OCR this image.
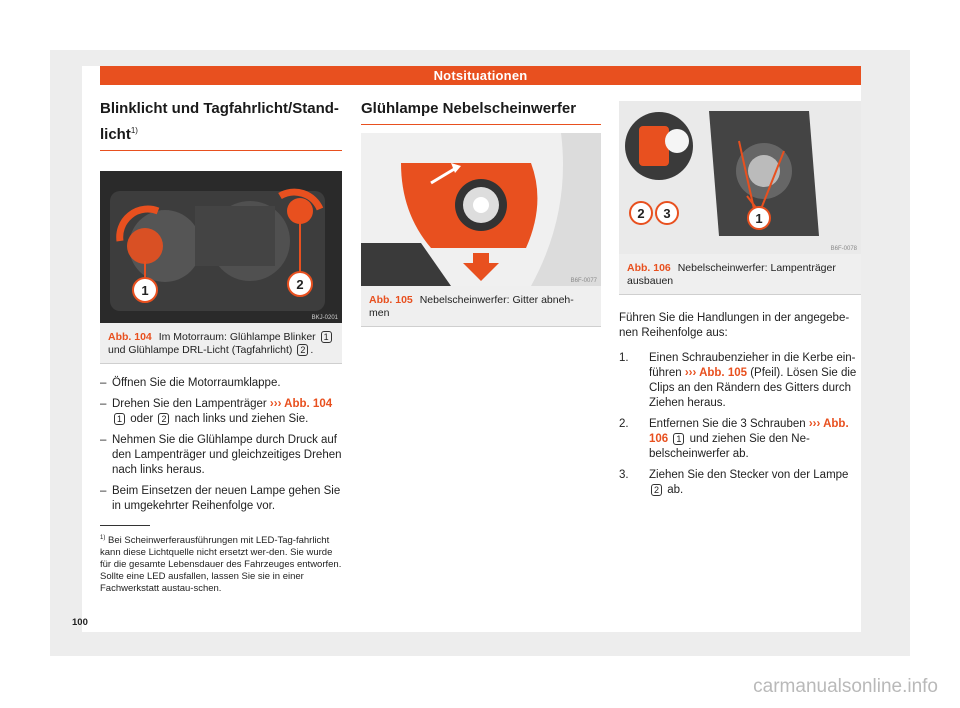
Notsituationen
Blinklicht und Tagfahrlicht/Stand-licht$^{1)}$
1	2
BKJ-0201
Abb. 104 Im Motorraum: Glühlampe Blinker 1 und Glühlampe DRL-Licht (Tagfahrlicht) 2 .
– Öffnen Sie die Motorraumklappe.
– Drehen Sie den Lampenträger ››› Abb. 104 1 oder 2 nach links und ziehen Sie.
– Nehmen Sie die Glühlampe durch Druck auf den Lampenträger und gleichzeitiges Drehen nach links heraus.
– Beim Einsetzen der neuen Lampe gehen Sie in umgekehrter Reihenfolge vor.
Glühlampe Nebelscheinwerfer
B6F-0077
Abb. 105 Nebelscheinwerfer: Gitter abneh-men
1
2 3
B6F-0078
Abb. 106 Nebelscheinwerfer: Lampenträger ausbauen

Führen Sie die Handlungen in der angegebe-nen Reihenfolge aus:

1. Einen Schraubenzieher in die Kerbe ein-führen ››› Abb. 105 (Pfeil). Lösen Sie die Clips an den Rändern des Gitters durch Ziehen heraus.
2. Entfernen Sie die 3 Schrauben ››› Abb. 106 1 und ziehen Sie den Ne-belscheinwerfer ab.
3. Ziehen Sie den Stecker von der Lampe 2 ab.
$^{1)}$ Bei Scheinwerferausführungen mit LED-Tag-fahrlicht kann diese Lichtquelle nicht ersetzt wer-den. Sie wurde für die gesamte Lebensdauer des Fahrzeuges entworfen. Sollte eine LED ausfallen, lassen Sie sie in einer Fachwerkstatt austau-schen.
100
carmanualsonline.info
